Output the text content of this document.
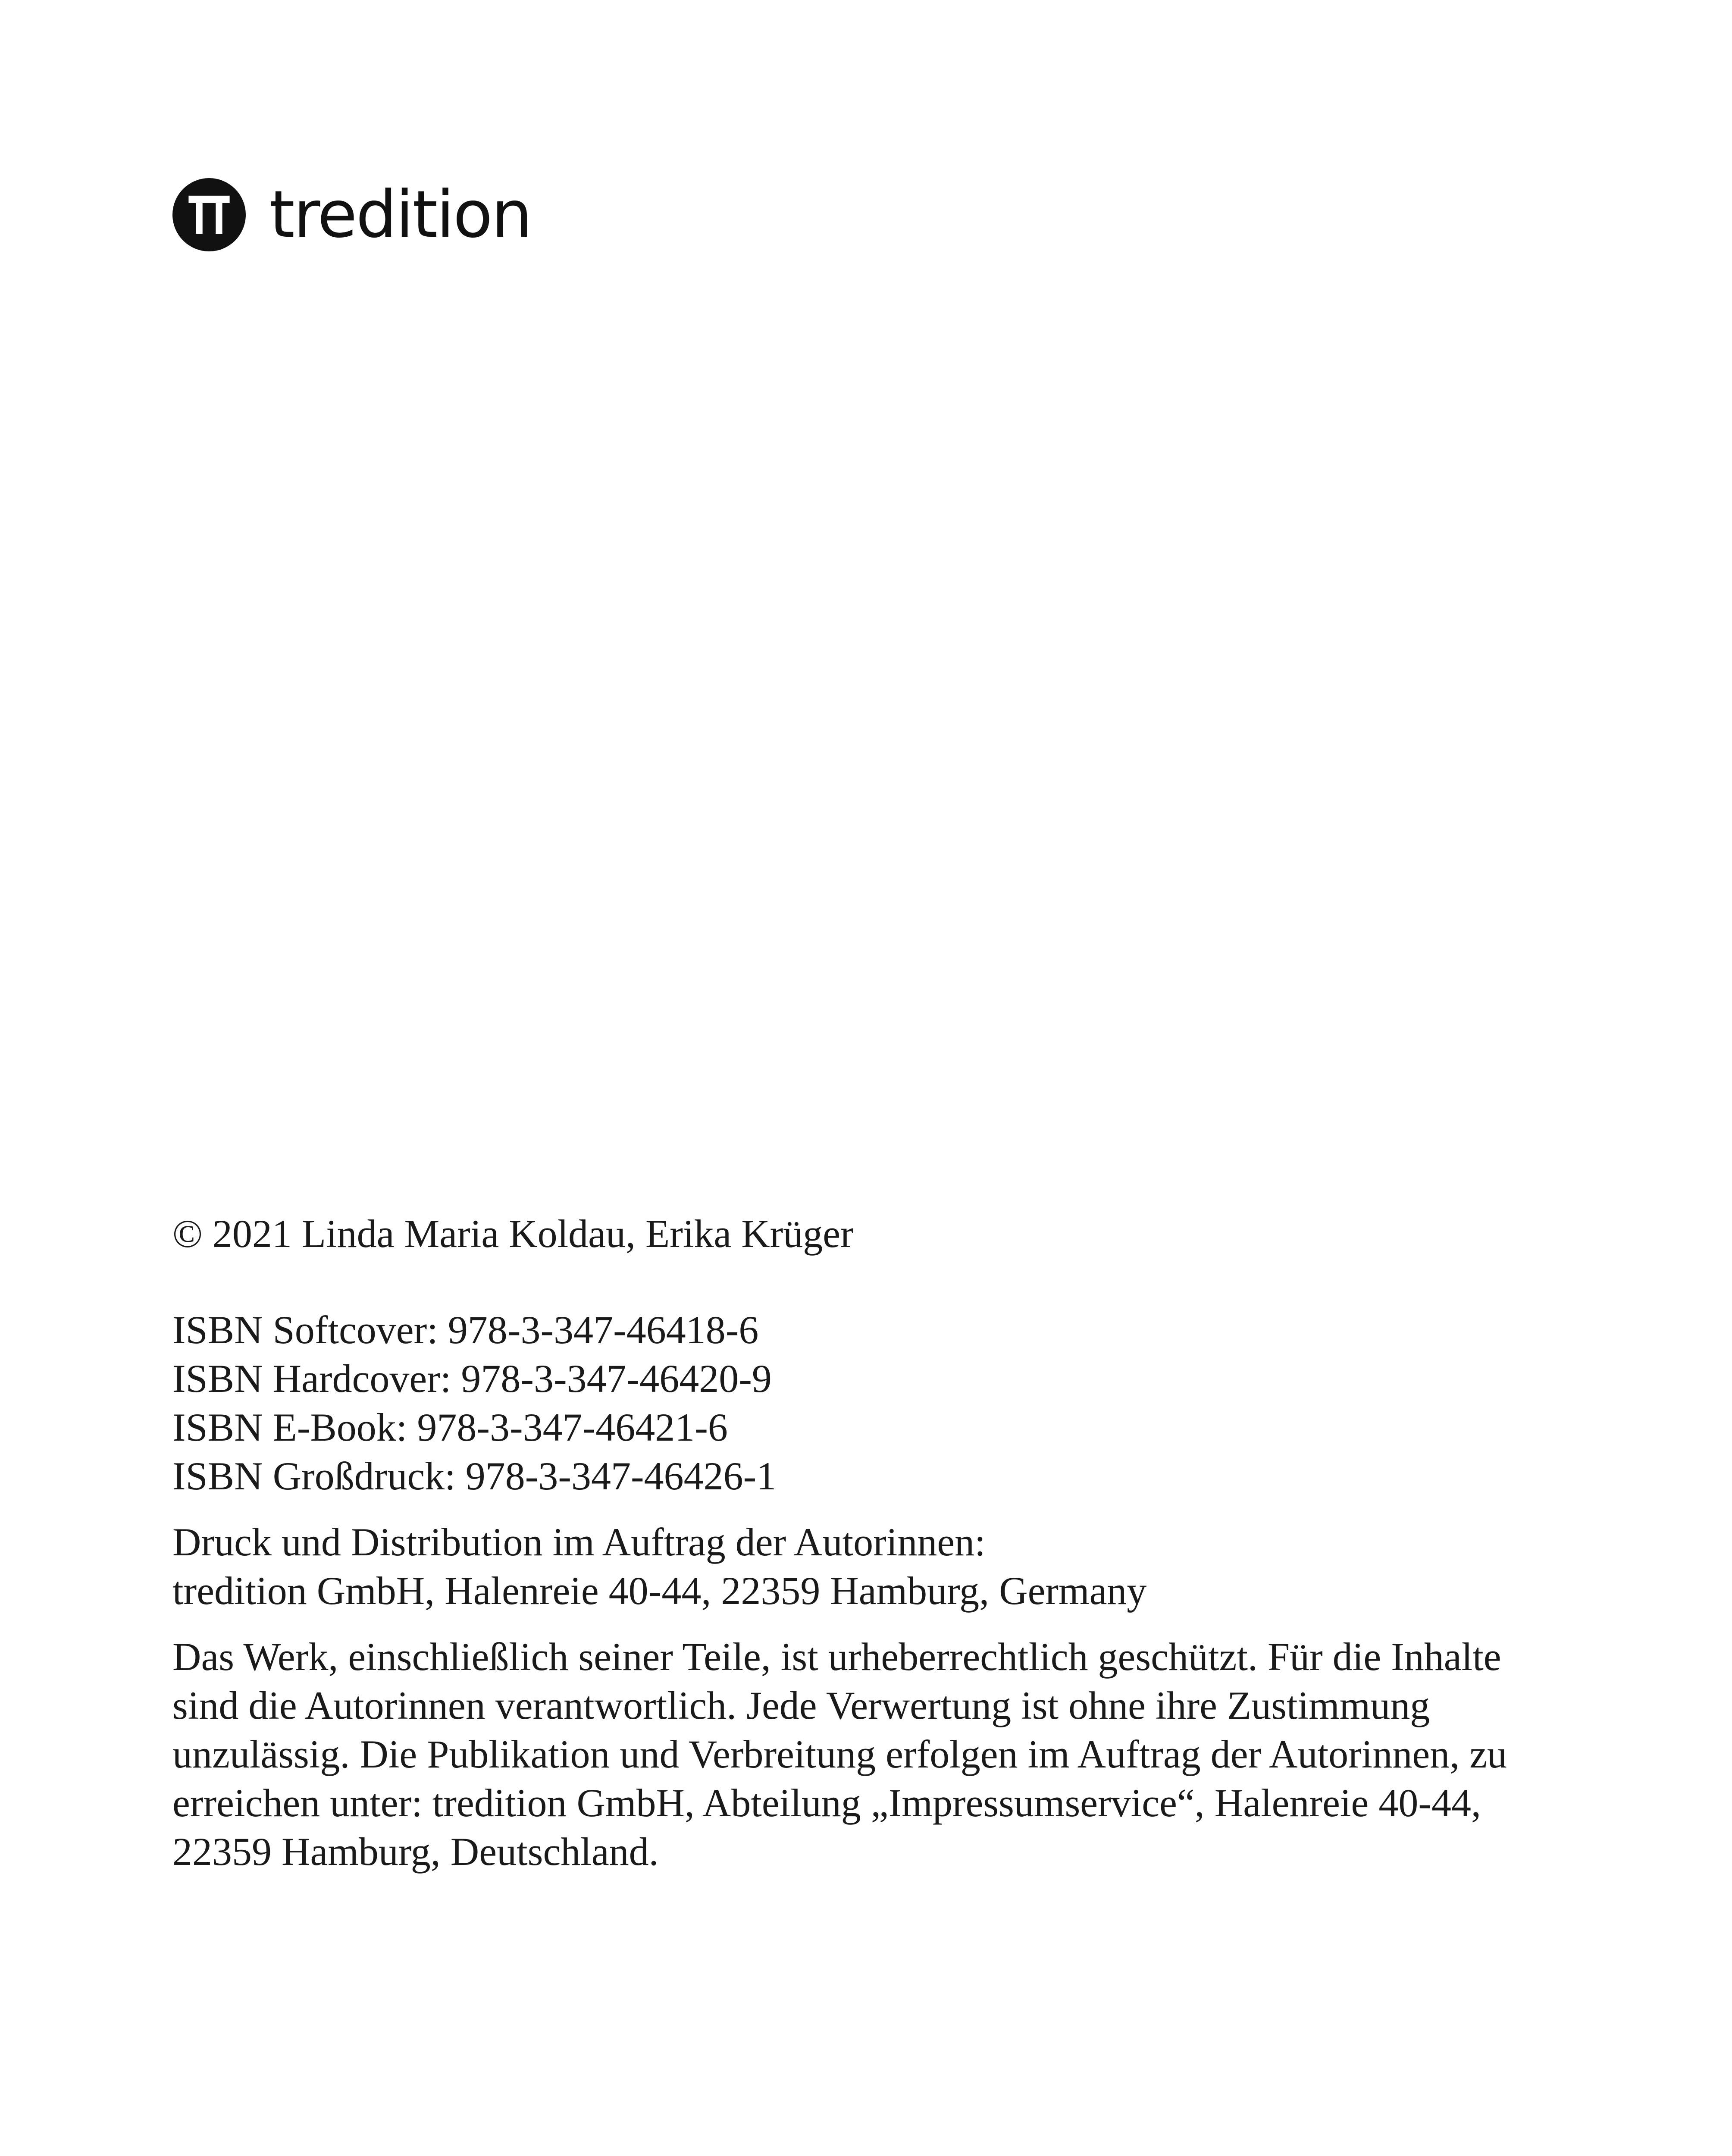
tredition

© 2021 Linda Maria Koldau, Erika Krüger

ISBN Softcover: 978-3-347-46418-6
ISBN Hardcover: 978-3-347-46420-9
ISBN E-Book: 978-3-347-46421-6
ISBN Großdruck: 978-3-347-46426-1

Druck und Distribution im Auftrag der Autorinnen:
tredition GmbH, Halenreie 40-44, 22359 Hamburg, Germany

Das Werk, einschließlich seiner Teile, ist urheberrechtlich geschützt. Für die Inhalte
sind die Autorinnen verantwortlich. Jede Verwertung ist ohne ihre Zustimmung
unzulässig. Die Publikation und Verbreitung erfolgen im Auftrag der Autorinnen, zu
erreichen unter: tredition GmbH, Abteilung „Impressumservice“, Halenreie 40-44,
22359 Hamburg, Deutschland.
